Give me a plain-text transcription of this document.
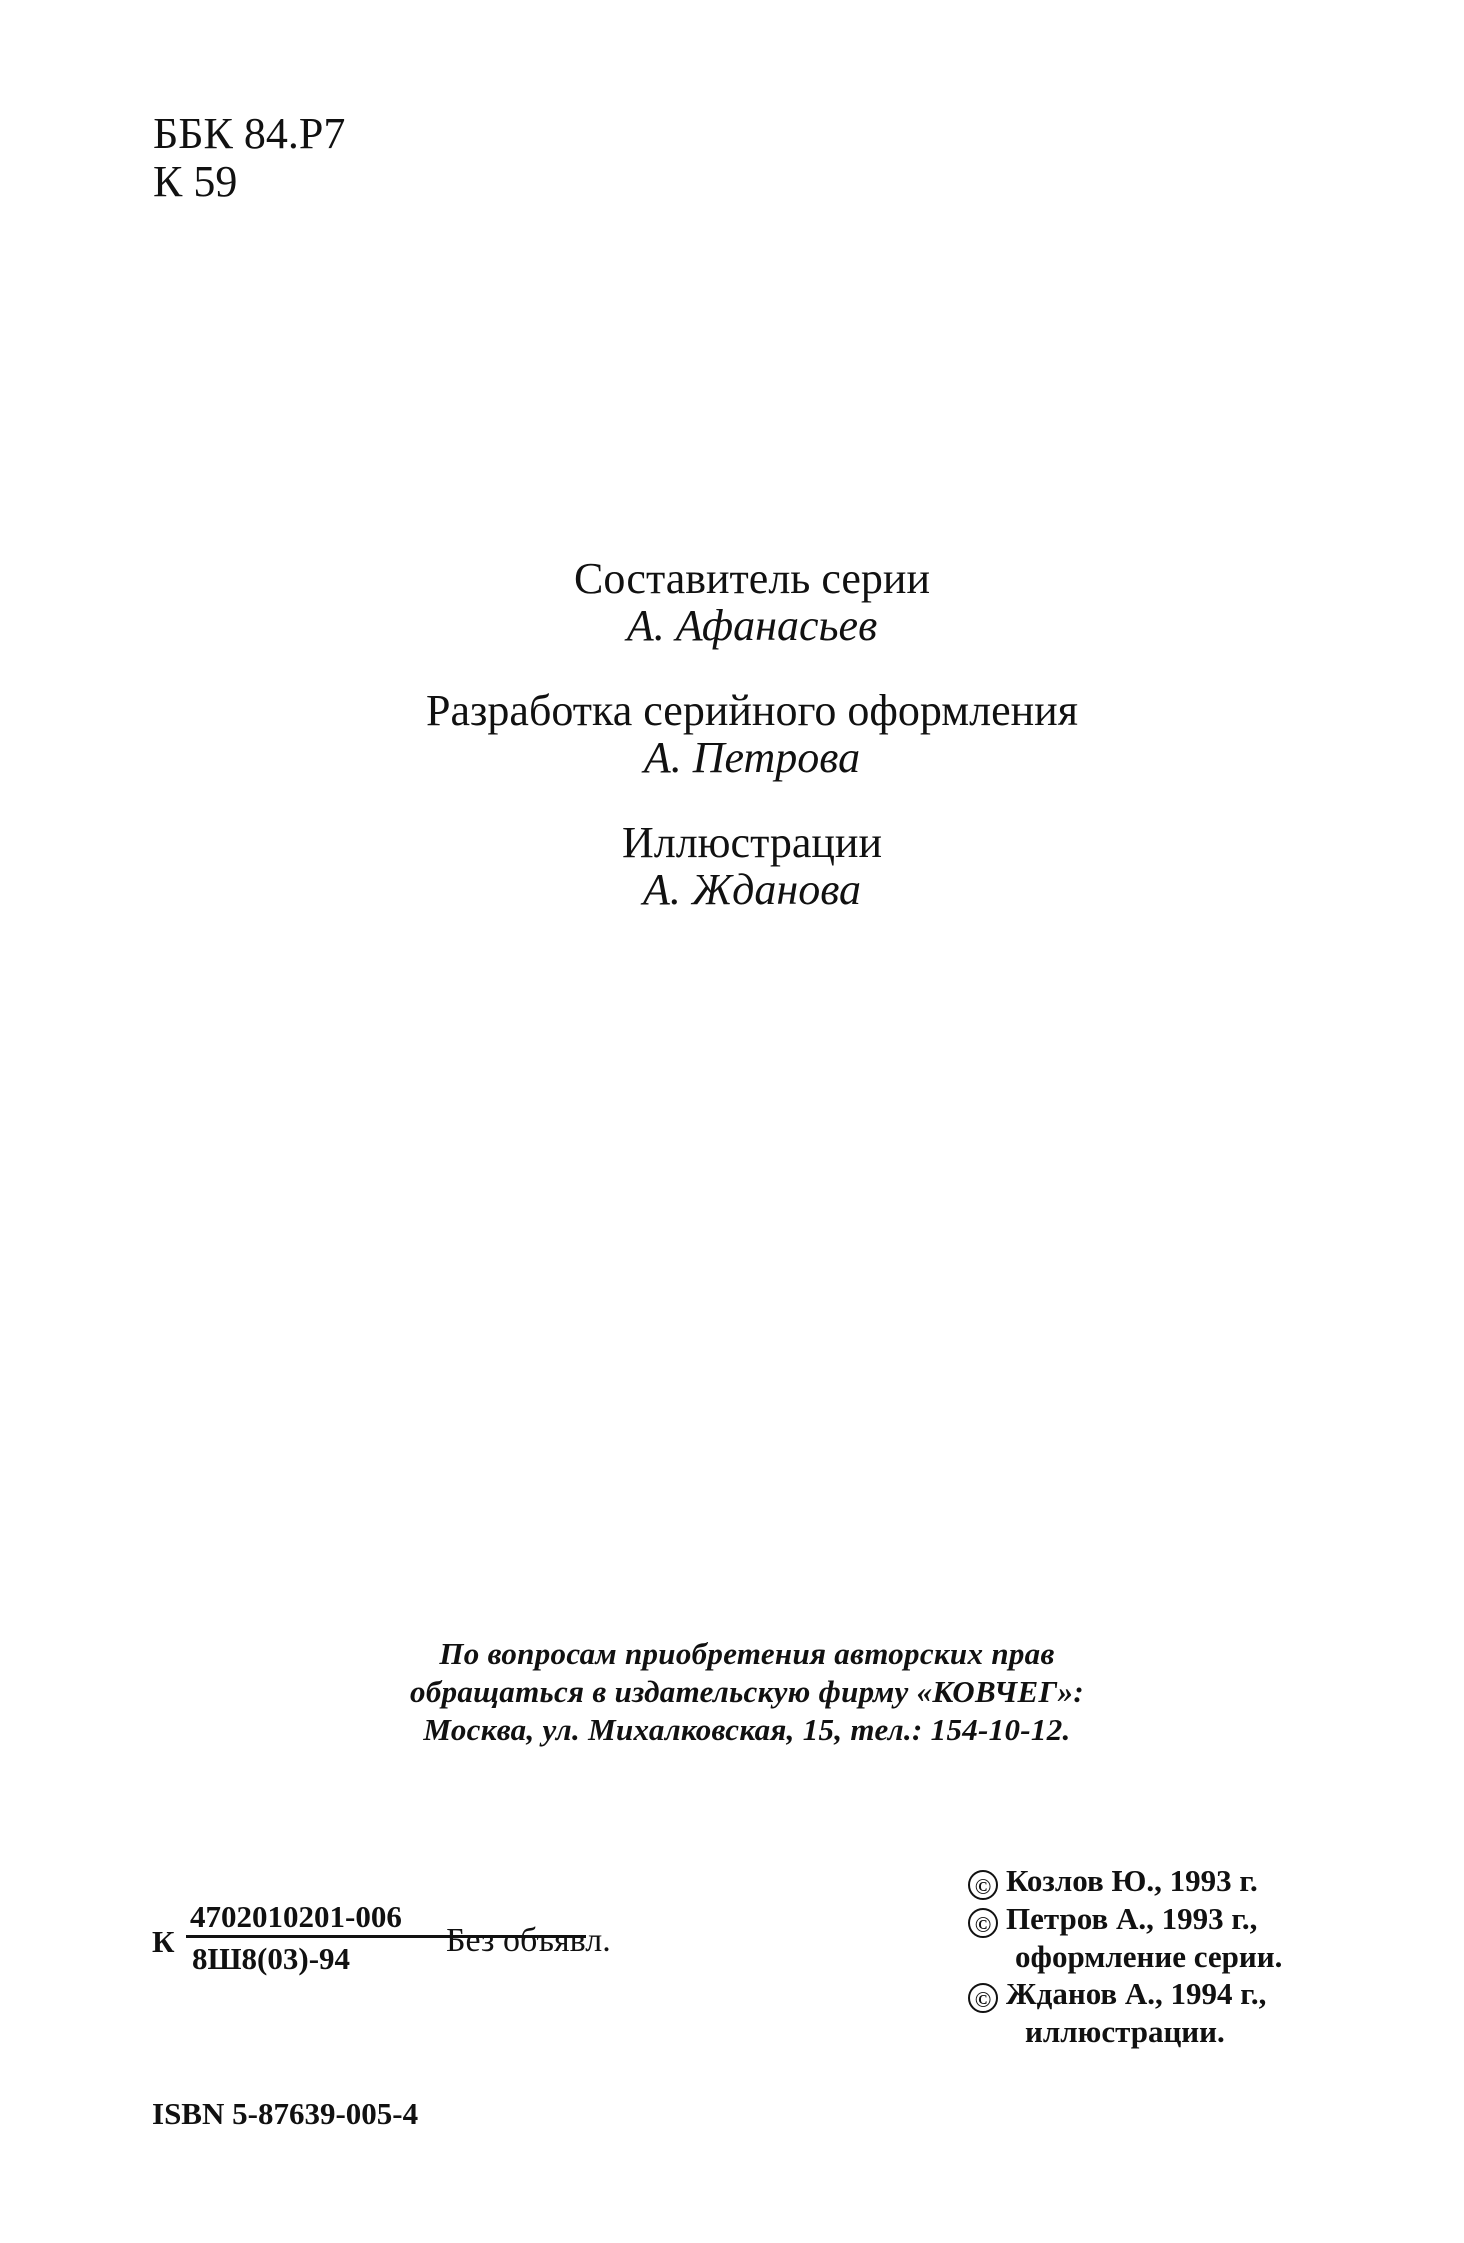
ББК 84.Р7
К 59
Составитель серии
А. Афанасьев
Разработка серийного оформления
А. Петрова
Иллюстрации
А. Жданова
По вопросам приобретения авторских прав
обращаться в издательскую фирму «КОВЧЕГ»:
Москва, ул. Михалковская, 15, тел.: 154-10-12.
К
4702010201-006
8Ш8(03)-94	Без объявл.
ISBN 5-87639-005-4
© Козлов Ю., 1993 г.
© Петров А., 1993 г.,
оформление серии.
© Жданов А., 1994 г.,
иллюстрации.
